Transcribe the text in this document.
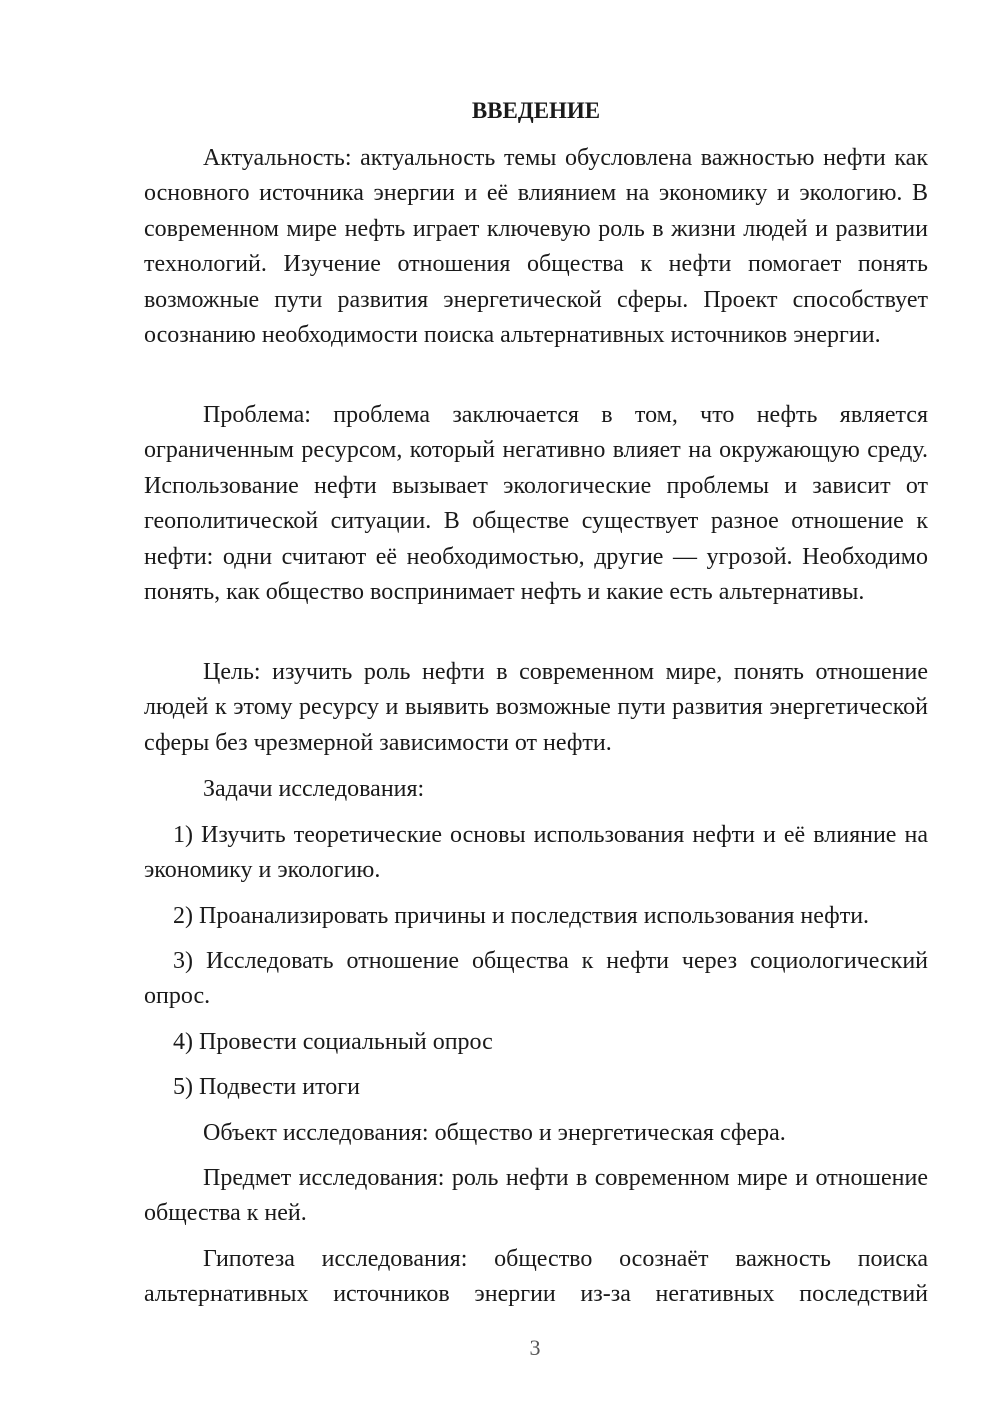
ВВЕДЕНИЕ

Актуальность: актуальность темы обусловлена важностью нефти как основного источника энергии и её влиянием на экономику и экологию. В современном мире нефть играет ключевую роль в жизни людей и развитии технологий. Изучение отношения общества к нефти помогает понять возможные пути развития энергетической сферы. Проект способствует осознанию необходимости поиска альтернативных источников энергии.

Проблема: проблема заключается в том, что нефть является ограниченным ресурсом, который негативно влияет на окружающую среду. Использование нефти вызывает экологические проблемы и зависит от геополитической ситуации. В обществе существует разное отношение к нефти: одни считают её необходимостью, другие — угрозой. Необходимо понять, как общество воспринимает нефть и какие есть альтернативы.

Цель: изучить роль нефти в современном мире, понять отношение людей к этому ресурсу и выявить возможные пути развития энергетической сферы без чрезмерной зависимости от нефти.

Задачи исследования:

1) Изучить теоретические основы использования нефти и её влияние на экономику и экологию.

2) Проанализировать причины и последствия использования нефти.

3) Исследовать отношение общества к нефти через социологический опрос.

4) Провести социальный опрос

5) Подвести итоги

Объект исследования: общество и энергетическая сфера.

Предмет исследования: роль нефти в современном мире и отношение общества к ней.

Гипотеза исследования: общество осознаёт важность поиска альтернативных источников энергии из-за негативных последствий

3
